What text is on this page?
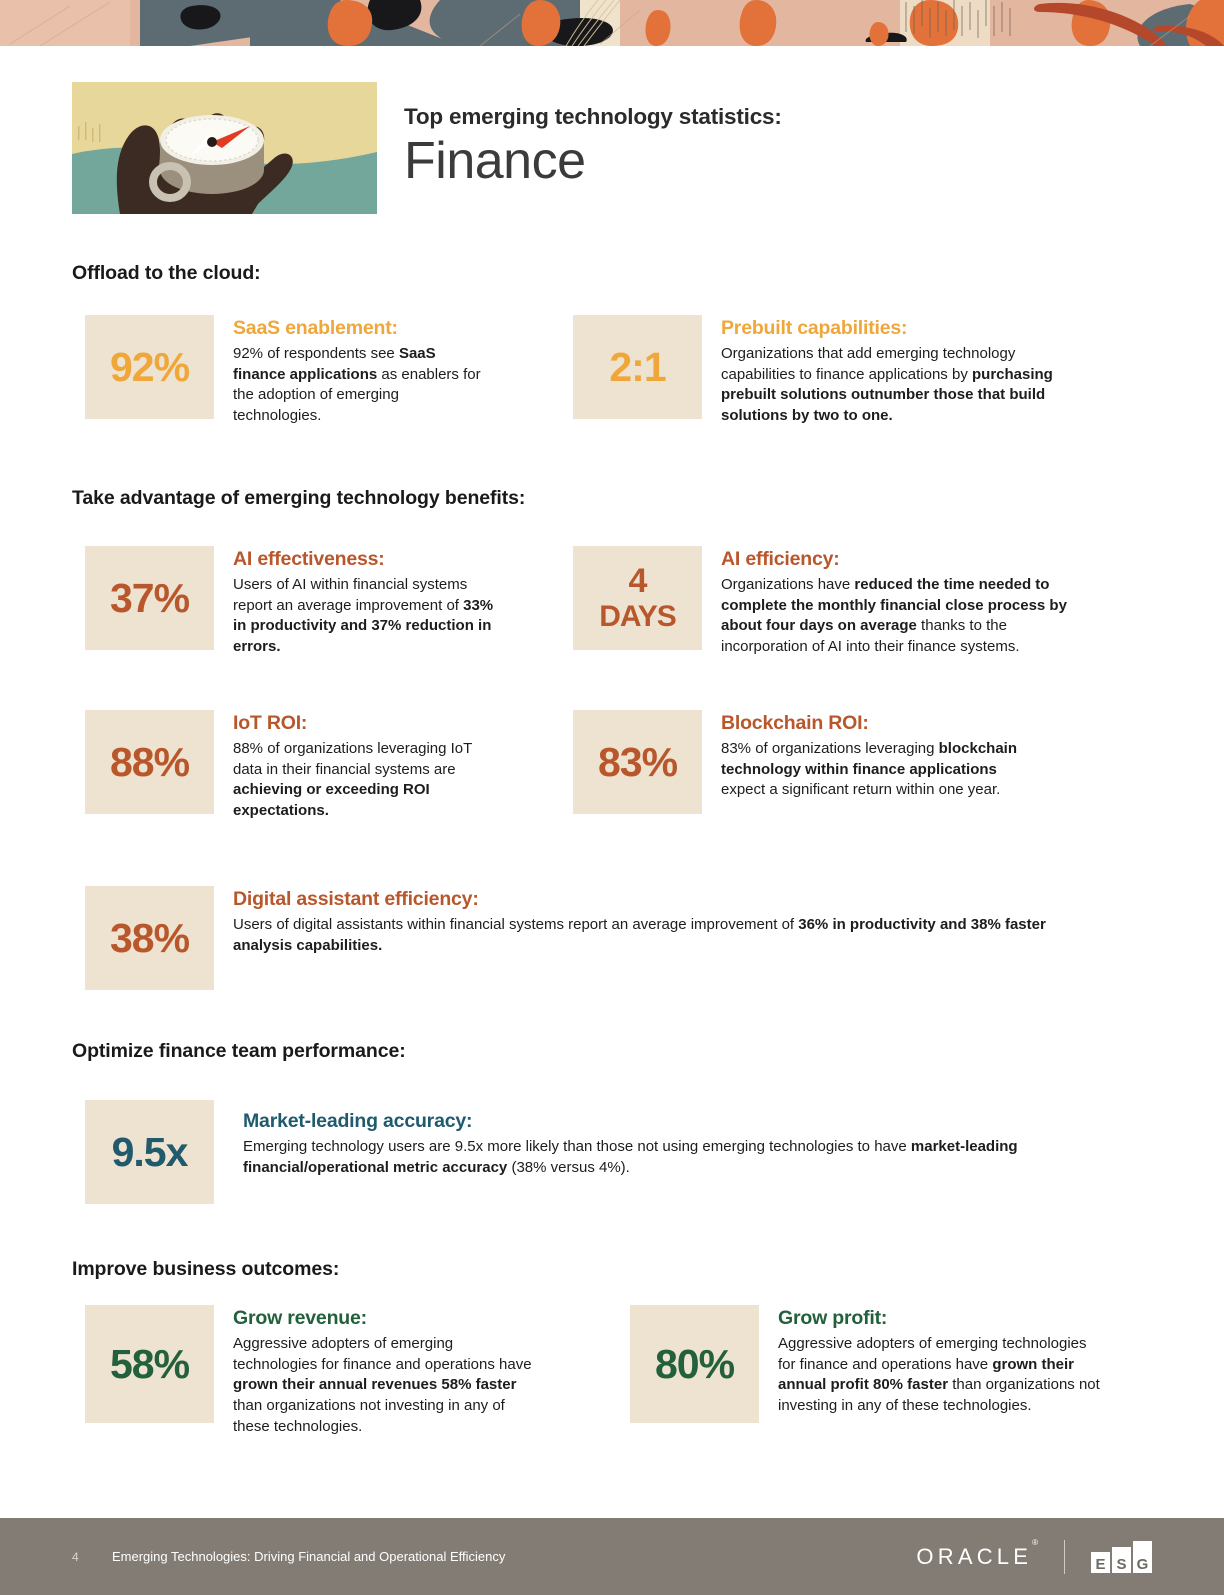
Top emerging technology statistics:
Finance
Offload to the cloud:
92%
SaaS enablement:
92% of respondents see SaaS finance applications as enablers for the adoption of emerging technologies.
2:1
Prebuilt capabilities:
Organizations that add emerging technology capabilities to finance applications by purchasing prebuilt solutions outnumber those that build solutions by two to one.
Take advantage of emerging technology benefits:
37%
AI effectiveness:
Users of AI within financial systems report an average improvement of 33% in productivity and 37% reduction in errors.
4
DAYS
AI efficiency:
Organizations have reduced the time needed to complete the monthly financial close process by about four days on average thanks to the incorporation of AI into their finance systems.
88%
IoT ROI:
88% of organizations leveraging IoT data in their financial systems are achieving or exceeding ROI expectations.
83%
Blockchain ROI:
83% of organizations leveraging blockchain technology within finance applications expect a significant return within one year.
38%
Digital assistant efficiency:
Users of digital assistants within financial systems report an average improvement of 36% in productivity and 38% faster analysis capabilities.
Optimize finance team performance:
9.5x
Market-leading accuracy:
Emerging technology users are 9.5x more likely than those not using emerging technologies to have market-leading financial/operational metric accuracy (38% versus 4%).
Improve business outcomes:
58%
Grow revenue:
Aggressive adopters of emerging technologies for finance and operations have grown their annual revenues 58% faster than organizations not investing in any of these technologies.
80%
Grow profit:
Aggressive adopters of emerging technologies for finance and operations have grown their annual profit 80% faster than organizations not investing in any of these technologies.
4	Emerging Technologies: Driving Financial and Operational Efficiency	ORACLE®
E S G
